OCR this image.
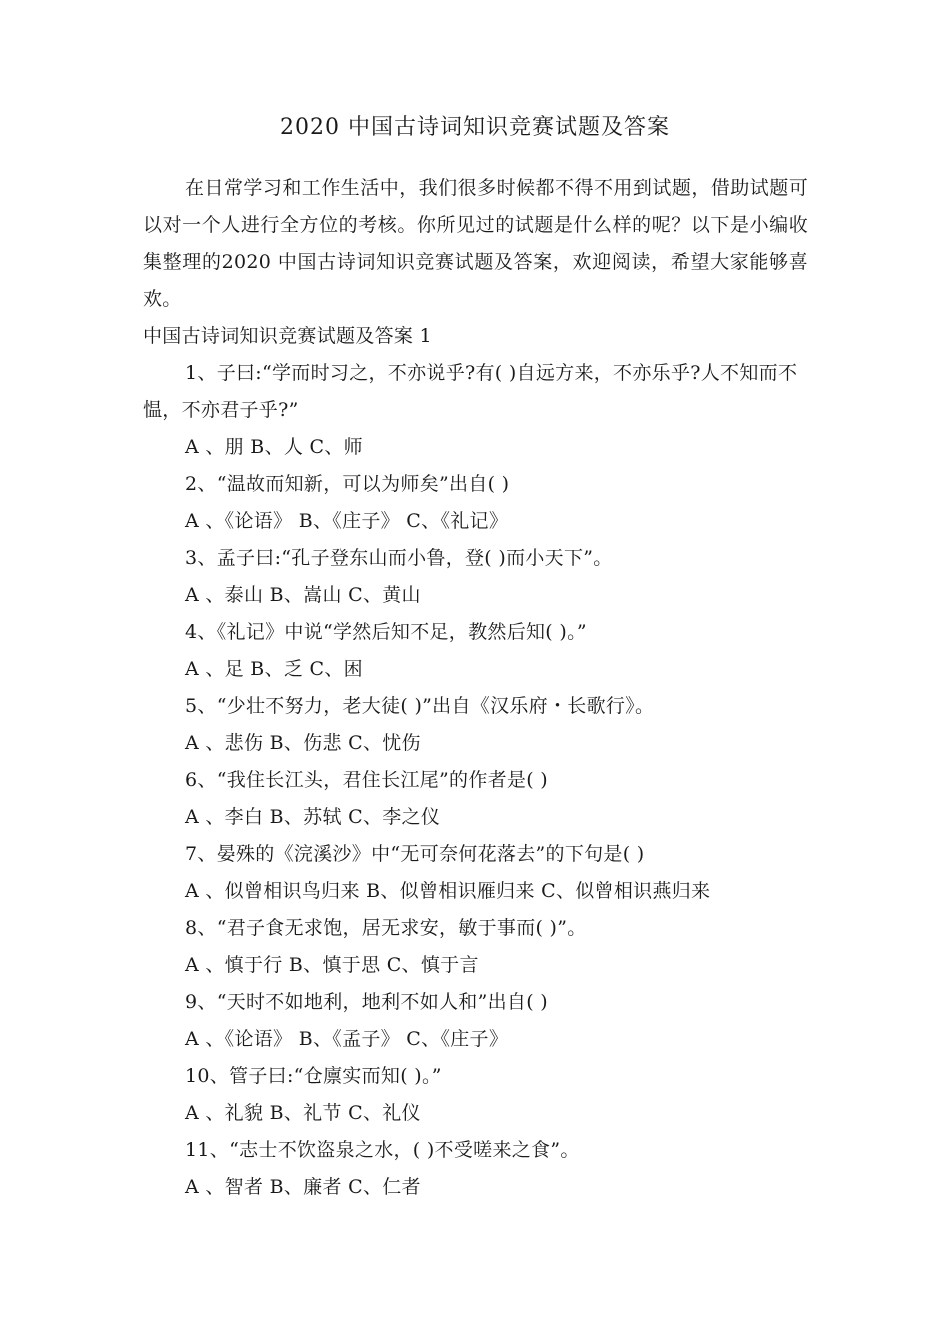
2020 中国古诗词知识竞赛试题及答案

在日常学习和工作生活中，我们很多时候都不得不用到试题，借助试题可以对一个人进行全方位的考核。你所见过的试题是什么样的呢？以下是小编收集整理的2020 中国古诗词知识竞赛试题及答案，欢迎阅读，希望大家能够喜欢。

中国古诗词知识竞赛试题及答案 1

1、子曰:“学而时习之，不亦说乎?有( )自远方来，不亦乐乎?人不知而不愠，不亦君子乎?”

A 、朋 B、人 C、师

2、“温故而知新，可以为师矣”出自( )

A 、《论语》 B、《庄子》 C、《礼记》

3、孟子曰:“孔子登东山而小鲁，登( )而小天下”。

A 、泰山 B、嵩山 C、黄山

4、《礼记》中说“学然后知不足，教然后知( )。”

A 、足 B、乏 C、困

5、“少壮不努力，老大徒( )”出自《汉乐府・长歌行》。

A 、悲伤 B、伤悲 C、忧伤

6、“我住长江头，君住长江尾”的作者是( )

A 、李白 B、苏轼 C、李之仪

7、晏殊的《浣溪沙》中“无可奈何花落去”的下句是( )

A 、似曾相识鸟归来 B、似曾相识雁归来 C、似曾相识燕归来

8、“君子食无求饱，居无求安，敏于事而( )”。

A 、慎于行 B、慎于思 C、慎于言

9、“天时不如地利，地利不如人和”出自( )

A 、《论语》 B、《孟子》 C、《庄子》

10、管子曰:“仓廪实而知( )。”

A 、礼貌 B、礼节 C、礼仪

11、“志士不饮盗泉之水，( )不受嗟来之食”。

A 、智者 B、廉者 C、仁者
